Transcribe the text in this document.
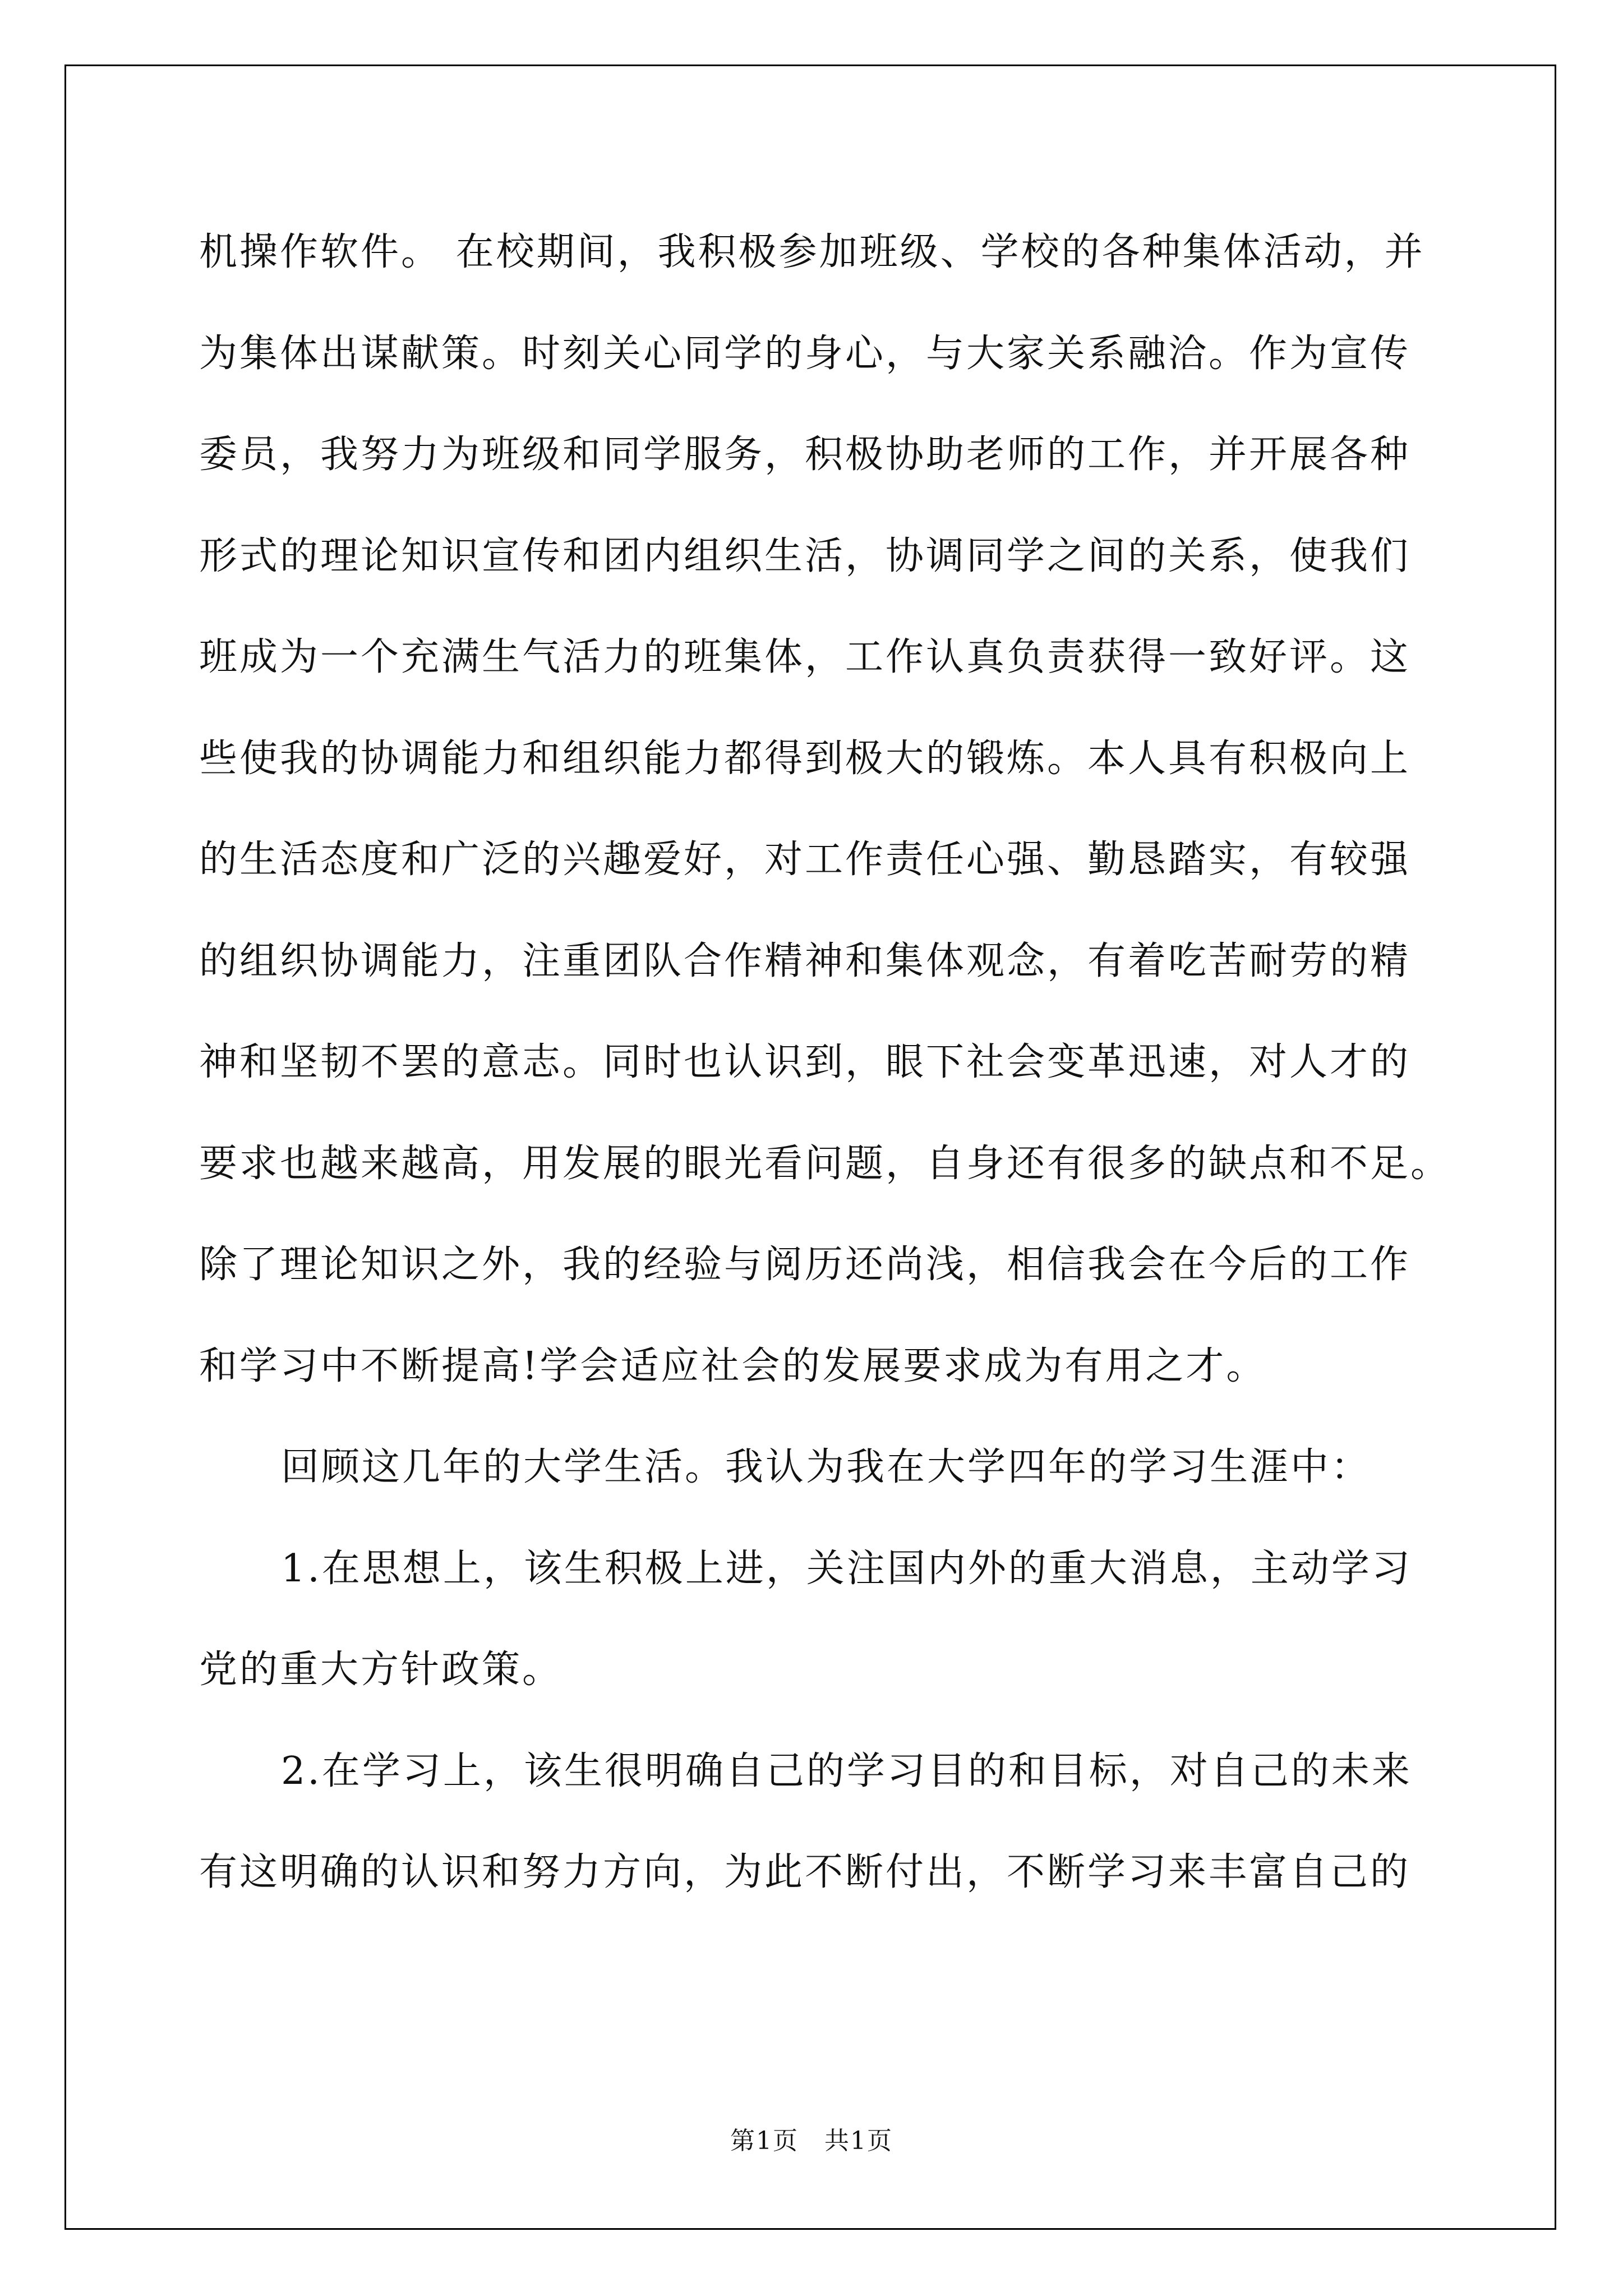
机操作软件。 在校期间，我积极参加班级、学校的各种集体活动，并
为集体出谋献策。时刻关心同学的身心，与大家关系融洽。作为宣传
委员，我努力为班级和同学服务，积极协助老师的工作，并开展各种
形式的理论知识宣传和团内组织生活，协调同学之间的关系，使我们
班成为一个充满生气活力的班集体，工作认真负责获得一致好评。这
些使我的协调能力和组织能力都得到极大的锻炼。本人具有积极向上
的生活态度和广泛的兴趣爱好，对工作责任心强、勤恳踏实，有较强
的组织协调能力，注重团队合作精神和集体观念，有着吃苦耐劳的精
神和坚韧不罢的意志。同时也认识到，眼下社会变革迅速，对人才的
要求也越来越高，用发展的眼光看问题，自身还有很多的缺点和不足。
除了理论知识之外，我的经验与阅历还尚浅，相信我会在今后的工作
和学习中不断提高!学会适应社会的发展要求成为有用之才。
回顾这几年的大学生活。我认为我在大学四年的学习生涯中：
1.在思想上，该生积极上进，关注国内外的重大消息，主动学习
党的重大方针政策。
2.在学习上，该生很明确自己的学习目的和目标，对自己的未来
有这明确的认识和努力方向，为此不断付出，不断学习来丰富自己的
第1页 共1页
